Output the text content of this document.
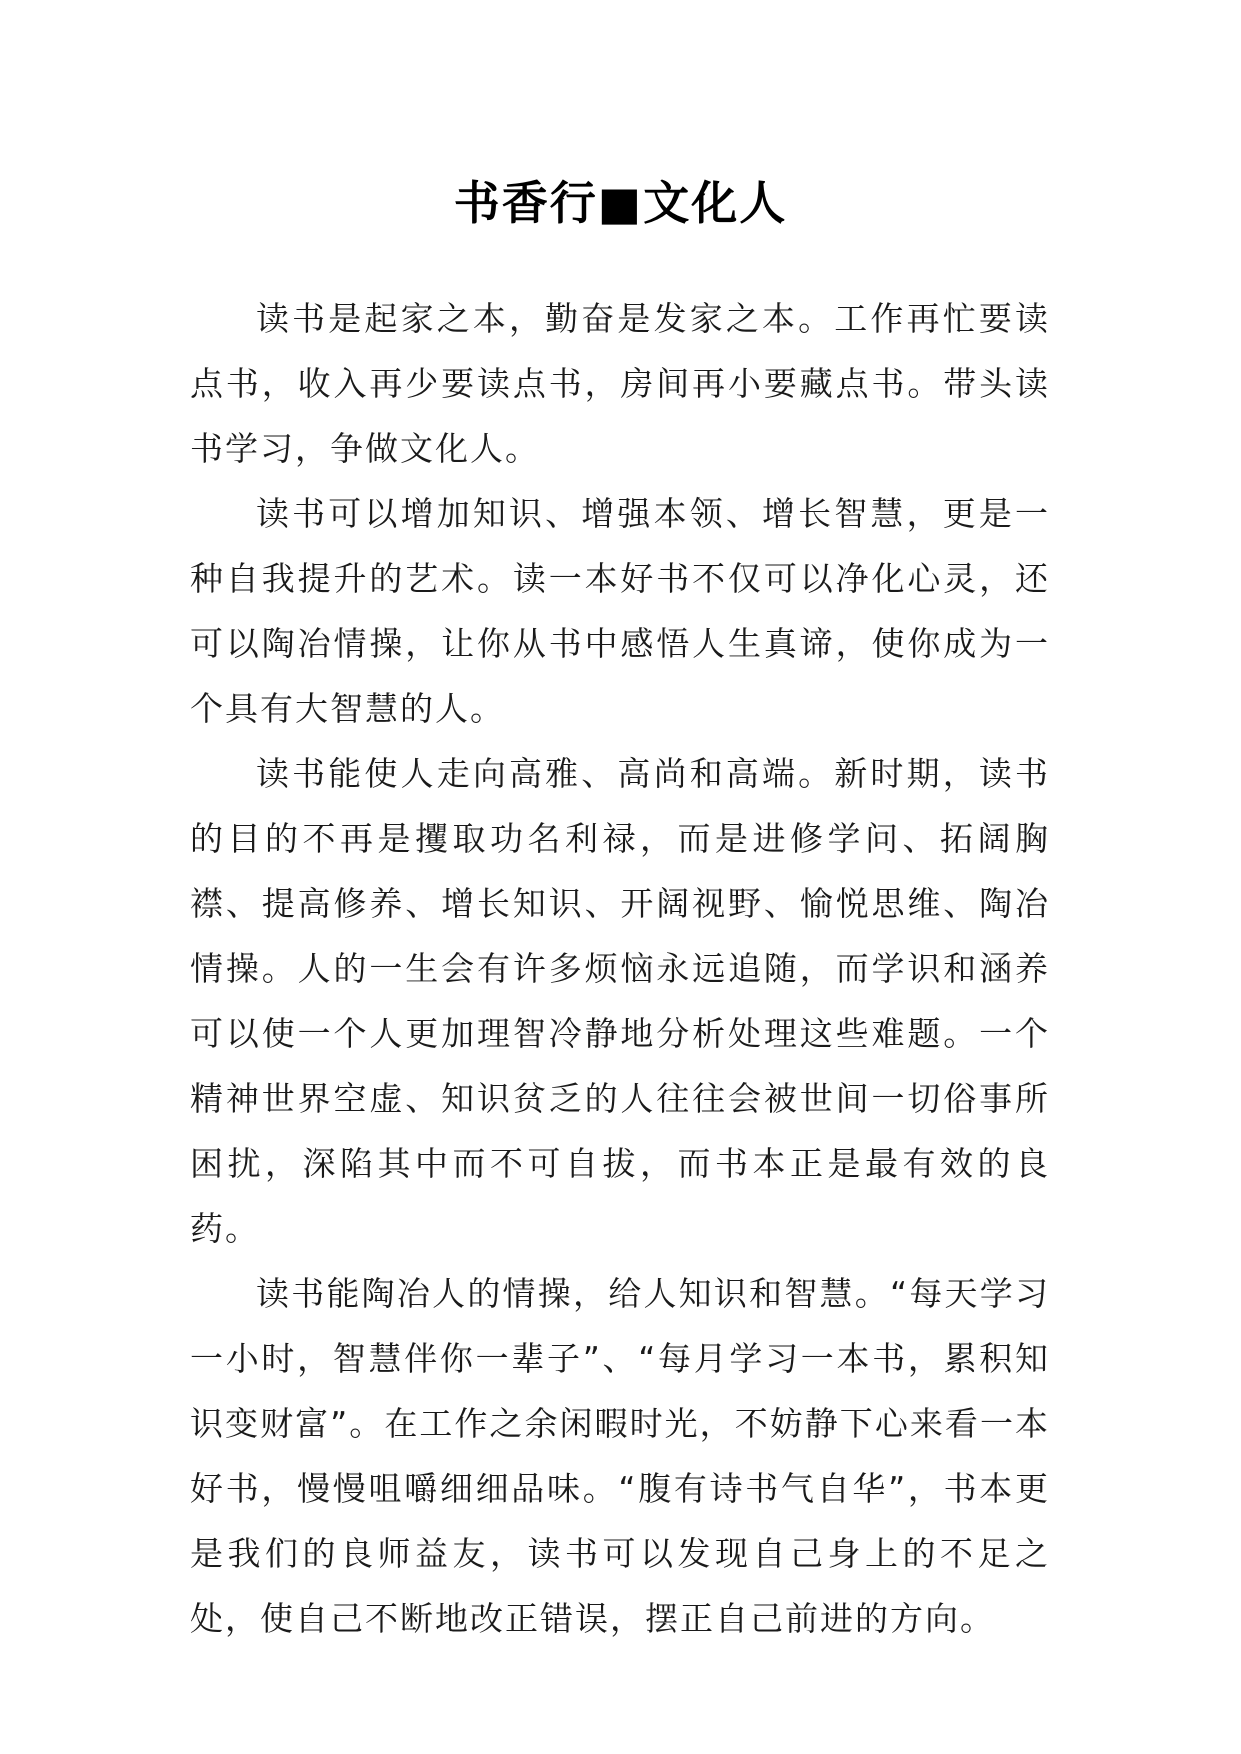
书香行■文化人

读书是起家之本，勤奋是发家之本。工作再忙要读点书，收入再少要读点书，房间再小要藏点书。带头读书学习，争做文化人。

读书可以增加知识、增强本领、增长智慧，更是一种自我提升的艺术。读一本好书不仅可以净化心灵，还可以陶冶情操，让你从书中感悟人生真谛，使你成为一个具有大智慧的人。

读书能使人走向高雅、高尚和高端。新时期，读书的目的不再是攫取功名利禄，而是进修学问、拓阔胸襟、提高修养、增长知识、开阔视野、愉悦思维、陶冶情操。人的一生会有许多烦恼永远追随，而学识和涵养可以使一个人更加理智冷静地分析处理这些难题。一个精神世界空虚、知识贫乏的人往往会被世间一切俗事所困扰，深陷其中而不可自拔，而书本正是最有效的良药。

读书能陶冶人的情操，给人知识和智慧。“每天学习一小时，智慧伴你一辈子”、“每月学习一本书，累积知识变财富”。在工作之余闲暇时光，不妨静下心来看一本好书，慢慢咀嚼细细品味。“腹有诗书气自华”，书本更是我们的良师益友，读书可以发现自己身上的不足之处，使自己不断地改正错误，摆正自己前进的方向。
